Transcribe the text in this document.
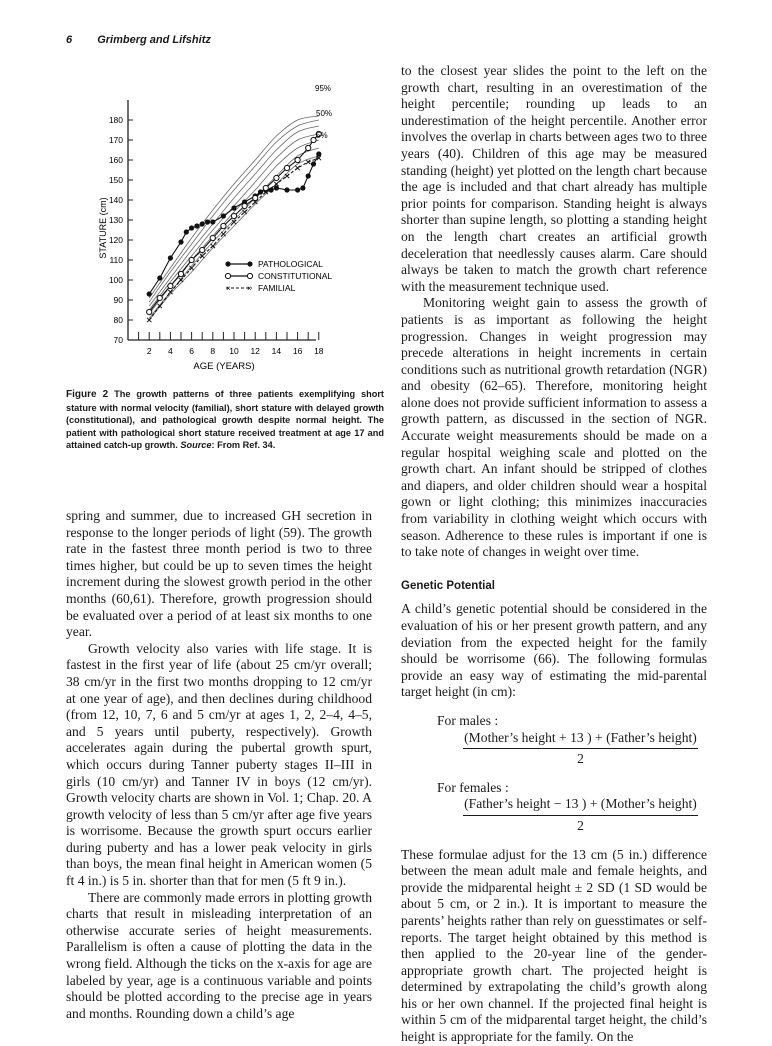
6 Grimberg and Lifshitz
70
80
90
100
110
120
130
140
150
160
170
180
2 4 6 8 10 12 14 16 18
STATURE (cm)
AGE (YEARS)
95%
50%
5%
PATHOLOGICAL
CONSTITUTIONAL
× × FAMILIAL
Figure 2 The growth patterns of three patients exemplifying short stature with normal velocity (familial), short stature with delayed growth (constitutional), and pathological growth despite normal height. The patient with pathological short stature received treatment at age 17 and attained catch-up growth. Source: From Ref. 34.

spring and summer, due to increased GH secretion in response to the longer periods of light (59). The growth rate in the fastest three month period is two to three times higher, but could be up to seven times the height increment during the slowest growth period in the other months (60,61). Therefore, growth progression should be evaluated over a period of at least six months to one year.

Growth velocity also varies with life stage. It is fastest in the first year of life (about 25 cm/yr overall; 38 cm/yr in the first two months dropping to 12 cm/yr at one year of age), and then declines during childhood (from 12, 10, 7, 6 and 5 cm/yr at ages 1, 2, 2–4, 4–5, and 5 years until puberty, respectively). Growth accelerates again during the pubertal growth spurt, which occurs during Tanner puberty stages II–III in girls (10 cm/yr) and Tanner IV in boys (12 cm/yr). Growth velocity charts are shown in Vol. 1; Chap. 20. A growth velocity of less than 5 cm/yr after age five years is worrisome. Because the growth spurt occurs earlier during puberty and has a lower peak velocity in girls than boys, the mean final height in American women (5 ft 4 in.) is 5 in. shorter than that for men (5 ft 9 in.).

There are commonly made errors in plotting growth charts that result in misleading interpretation of an otherwise accurate series of height measurements. Parallelism is often a cause of plotting the data in the wrong field. Although the ticks on the x-axis for age are labeled by year, age is a continuous variable and points should be plotted according to the precise age in years and months. Rounding down a child’s age

to the closest year slides the point to the left on the growth chart, resulting in an overestimation of the height percentile; rounding up leads to an underestimation of the height percentile. Another error involves the overlap in charts between ages two to three years (40). Children of this age may be measured standing (height) yet plotted on the length chart because the age is included and that chart already has multiple prior points for comparison. Standing height is always shorter than supine length, so plotting a standing height on the length chart creates an artificial growth deceleration that needlessly causes alarm. Care should always be taken to match the growth chart reference with the measurement technique used.

Monitoring weight gain to assess the growth of patients is as important as following the height progression. Changes in weight progression may precede alterations in height increments in certain conditions such as nutritional growth retardation (NGR) and obesity (62–65). Therefore, monitoring height alone does not provide sufficient information to assess a growth pattern, as discussed in the section of NGR. Accurate weight measurements should be made on a regular hospital weighing scale and plotted on the growth chart. An infant should be stripped of clothes and diapers, and older children should wear a hospital gown or light clothing; this minimizes inaccuracies from variability in clothing weight which occurs with season. Adherence to these rules is important if one is to take note of changes in weight over time.

Genetic Potential

A child’s genetic potential should be considered in the evaluation of his or her present growth pattern, and any deviation from the expected height for the family should be worrisome (66). The following formulas provide an easy way of estimating the mid-parental target height (in cm):

For males :
(Mother’s height + 13 ) + (Father’s height)
2
For females :
(Father’s height − 13 ) + (Mother’s height)
2

These formulae adjust for the 13 cm (5 in.) difference between the mean adult male and female heights, and provide the midparental height ± 2 SD (1 SD would be about 5 cm, or 2 in.). It is important to measure the parents’ heights rather than rely on guesstimates or self-reports. The target height obtained by this method is then applied to the 20-year line of the gender-appropriate growth chart. The projected height is determined by extrapolating the child’s growth along his or her own channel. If the projected final height is within 5 cm of the midparental target height, the child’s height is appropriate for the family. On the
